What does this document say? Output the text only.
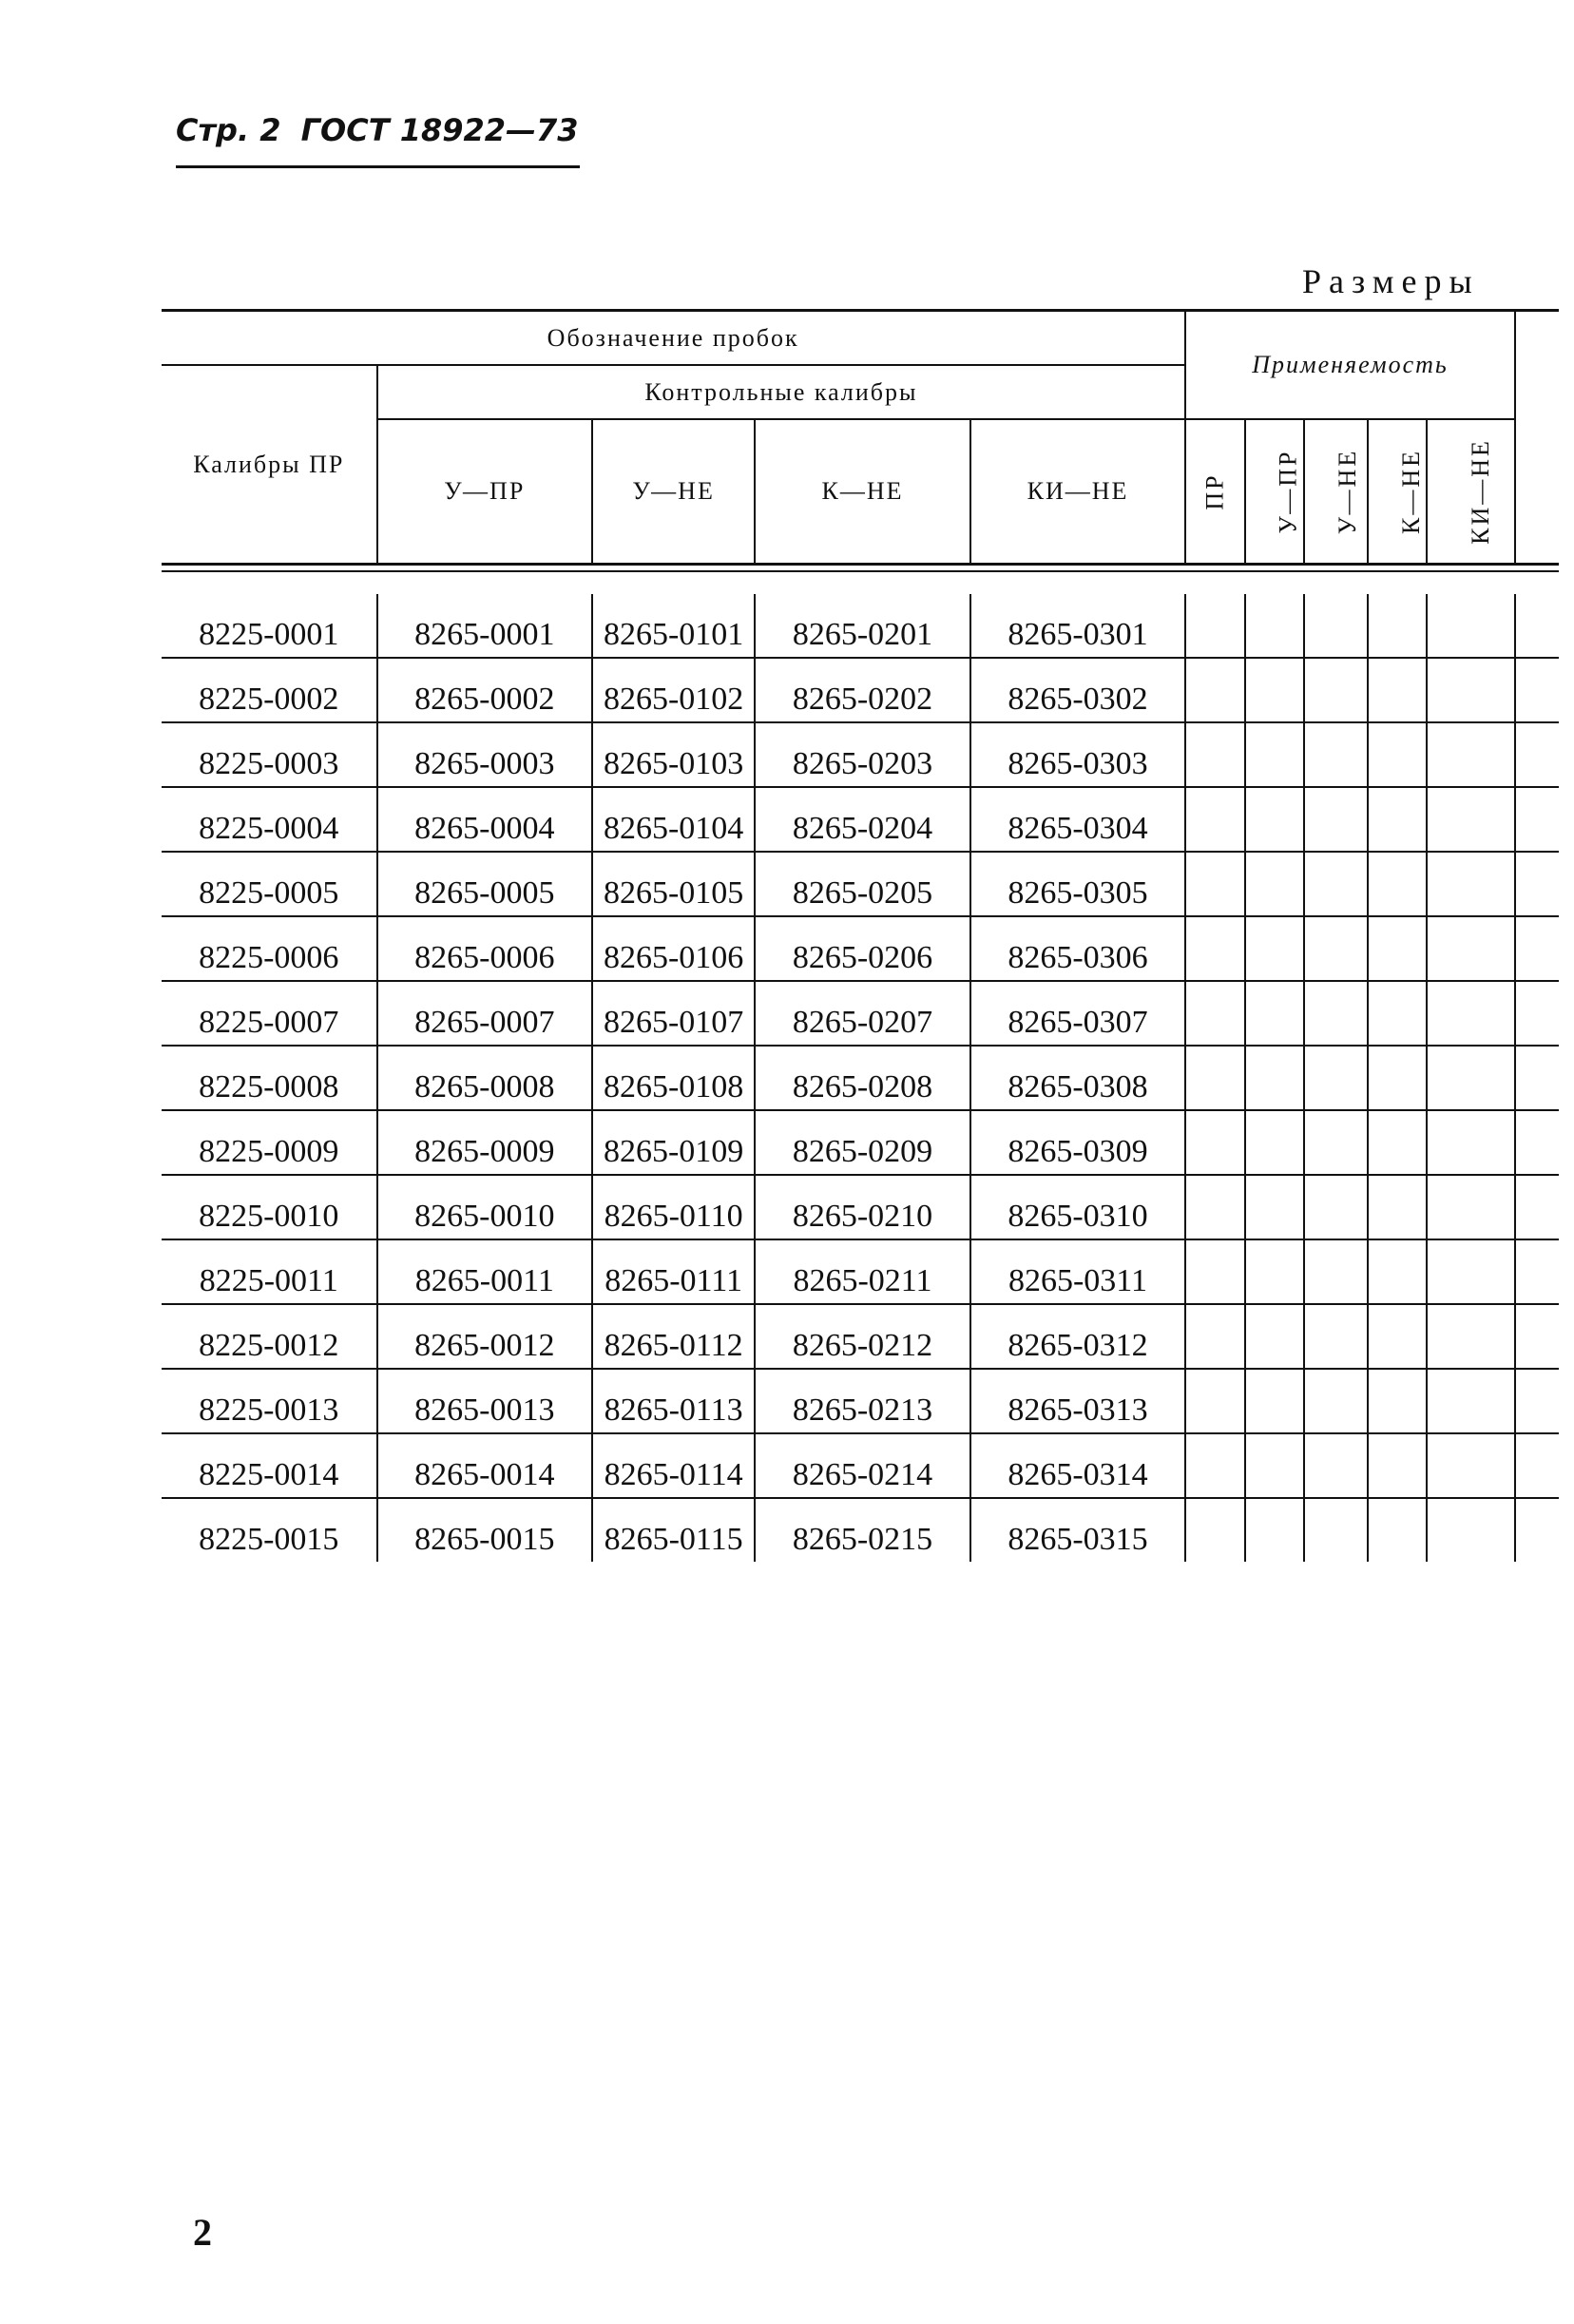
Стр. 2 ГОСТ 18922—73
Размеры
Обозначение пробок					Применяемость					
Калибры ПР	Контрольные калибры									
	У—ПР	У—НЕ	К—НЕ	КИ—НЕ	ПР	У—ПР	У—НЕ	К—НЕ	КИ—НЕ	

8225-0001	8265-0001	8265-0101	8265-0201	8265-0301						
8225-0002	8265-0002	8265-0102	8265-0202	8265-0302						
8225-0003	8265-0003	8265-0103	8265-0203	8265-0303						
8225-0004	8265-0004	8265-0104	8265-0204	8265-0304						
8225-0005	8265-0005	8265-0105	8265-0205	8265-0305						
8225-0006	8265-0006	8265-0106	8265-0206	8265-0306						
8225-0007	8265-0007	8265-0107	8265-0207	8265-0307						
8225-0008	8265-0008	8265-0108	8265-0208	8265-0308						
8225-0009	8265-0009	8265-0109	8265-0209	8265-0309						
8225-0010	8265-0010	8265-0110	8265-0210	8265-0310						
8225-0011	8265-0011	8265-0111	8265-0211	8265-0311						
8225-0012	8265-0012	8265-0112	8265-0212	8265-0312						
8225-0013	8265-0013	8265-0113	8265-0213	8265-0313						
8225-0014	8265-0014	8265-0114	8265-0214	8265-0314						
8225-0015	8265-0015	8265-0115	8265-0215	8265-0315						
2
